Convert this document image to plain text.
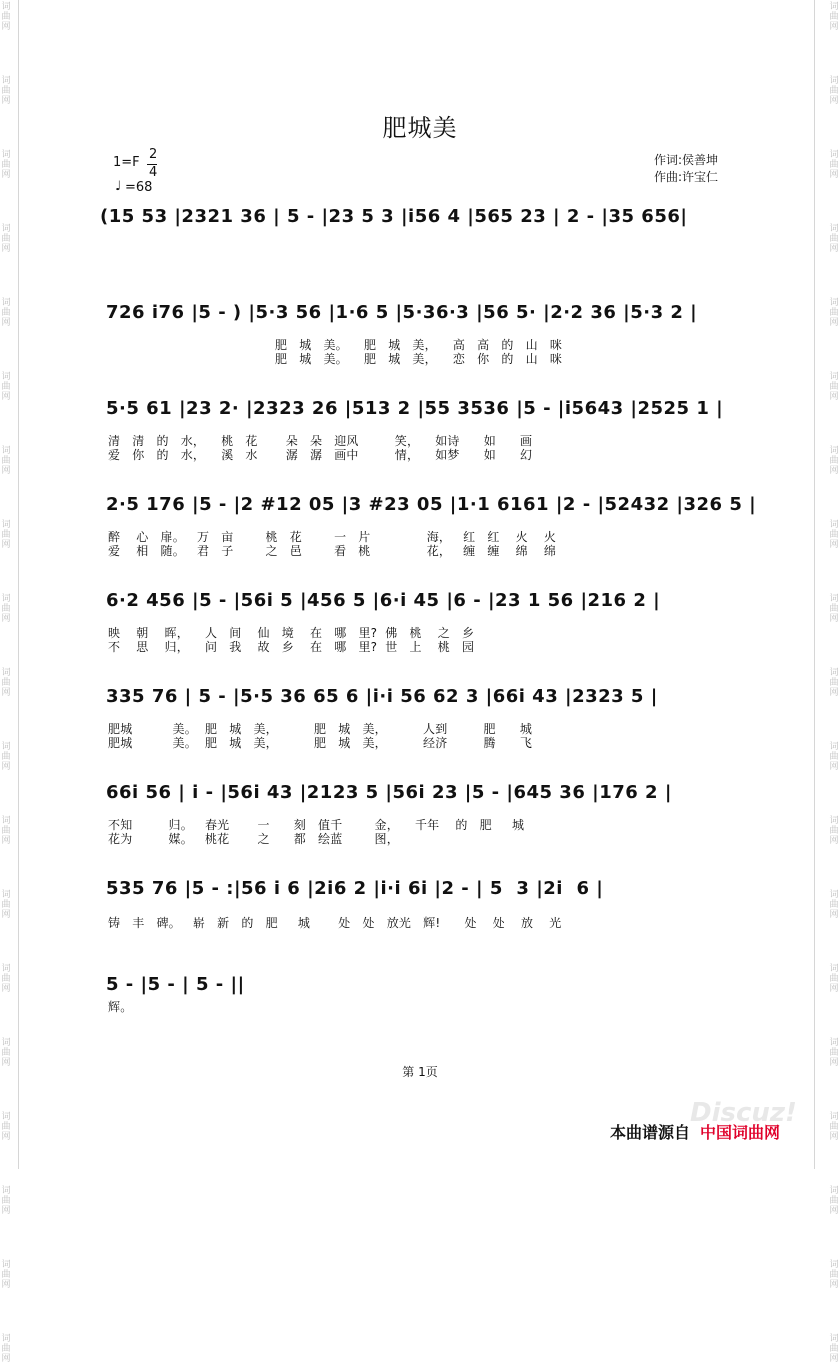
词
曲
网
词
曲
网
词
曲
网
词
曲
网
词
曲
网
词
曲
网
词
曲
网
词
曲
网
词
曲
网
词
曲
网
词
曲
网
词
曲
网
词
曲
网
词
曲
网
词
曲
网
词
曲
网
词
曲
网
词
曲
网
词
曲
网
词
曲
网
词
曲
网
词
曲
网
词
曲
网
词
曲
网
词
曲
网
词
曲
网
词
曲
网
词
曲
网
词
曲
网
词
曲
网
词
曲
网
词
曲
网
词
曲
网
词
曲
网
词
曲
网
词
曲
网
词
曲
网
词
曲
网
肥城美
1=F
2
4
♩ =68
作词:侯善坤
作曲:许宝仁
(15 53 |2321 36 | 5 - |23 5 3 |i56 4 |565 23 | 2 - |35 656|
726 i76 |5 - ) |5·3 56 |1·6 5 |5·36·3 |56 5· |2·2 36 |5·3 2 |
肥   城   美。    肥   城   美，    高   高   的   山   咪
肥   城   美。    肥   城   美，    恋   你   的   山   咪
5·5 61 |23 2· |2323 26 |513 2 |55 3536 |5 - |i5643 |2525 1 |
清   清   的   水，    桃   花       朵   朵   迎风         笑，    如诗      如      画
爱   你   的   水，    溪   水       潺   潺   画中         情，    如梦      如      幻
2·5 176 |5 - |2 #12 05 |3 #23 05 |1·1 6161 |2 - |52432 |326 5 |
醉    心   扉。   万   亩        桃   花        一   片              海，   红   红    火    火
爱    相   随。   君   子        之   邑        看   桃              花，   缠   缠    绵    绵
6·2 456 |5 - |56i 5 |456 5 |6·i 45 |6 - |23 1 56 |216 2 |
映    朝    晖，    人   间    仙   境    在   哪   里?  佛   桃    之   乡
不    思    归，    问   我    故   乡    在   哪   里?  世   上    桃   园
335 76 | 5 - |5·5 36 65 6 |i·i 56 62 3 |66i 43 |2323 5 |
肥城          美。  肥   城   美，         肥   城   美，         人到         肥      城
肥城          美。  肥   城   美，         肥   城   美，         经济         腾      飞
66i 56 | i - |56i 43 |2123 5 |56i 23 |5 - |645 36 |176 2 |
不知         归。   春光       一      刻   值千        金，    千年    的   肥     城
花为         媒。   桃花       之      都   绘蓝        图，
535 76 |5 - :|56 i 6 |2i6 2 |i·i 6i |2 - | 5  3 |2i  6 |
铸   丰   碑。   崭   新   的   肥     城       处   处   放光   辉!      处    处    放    光
5 - |5 - | 5 - ||
辉。
第 1页
Discuz!
本曲谱源自 中国词曲网
